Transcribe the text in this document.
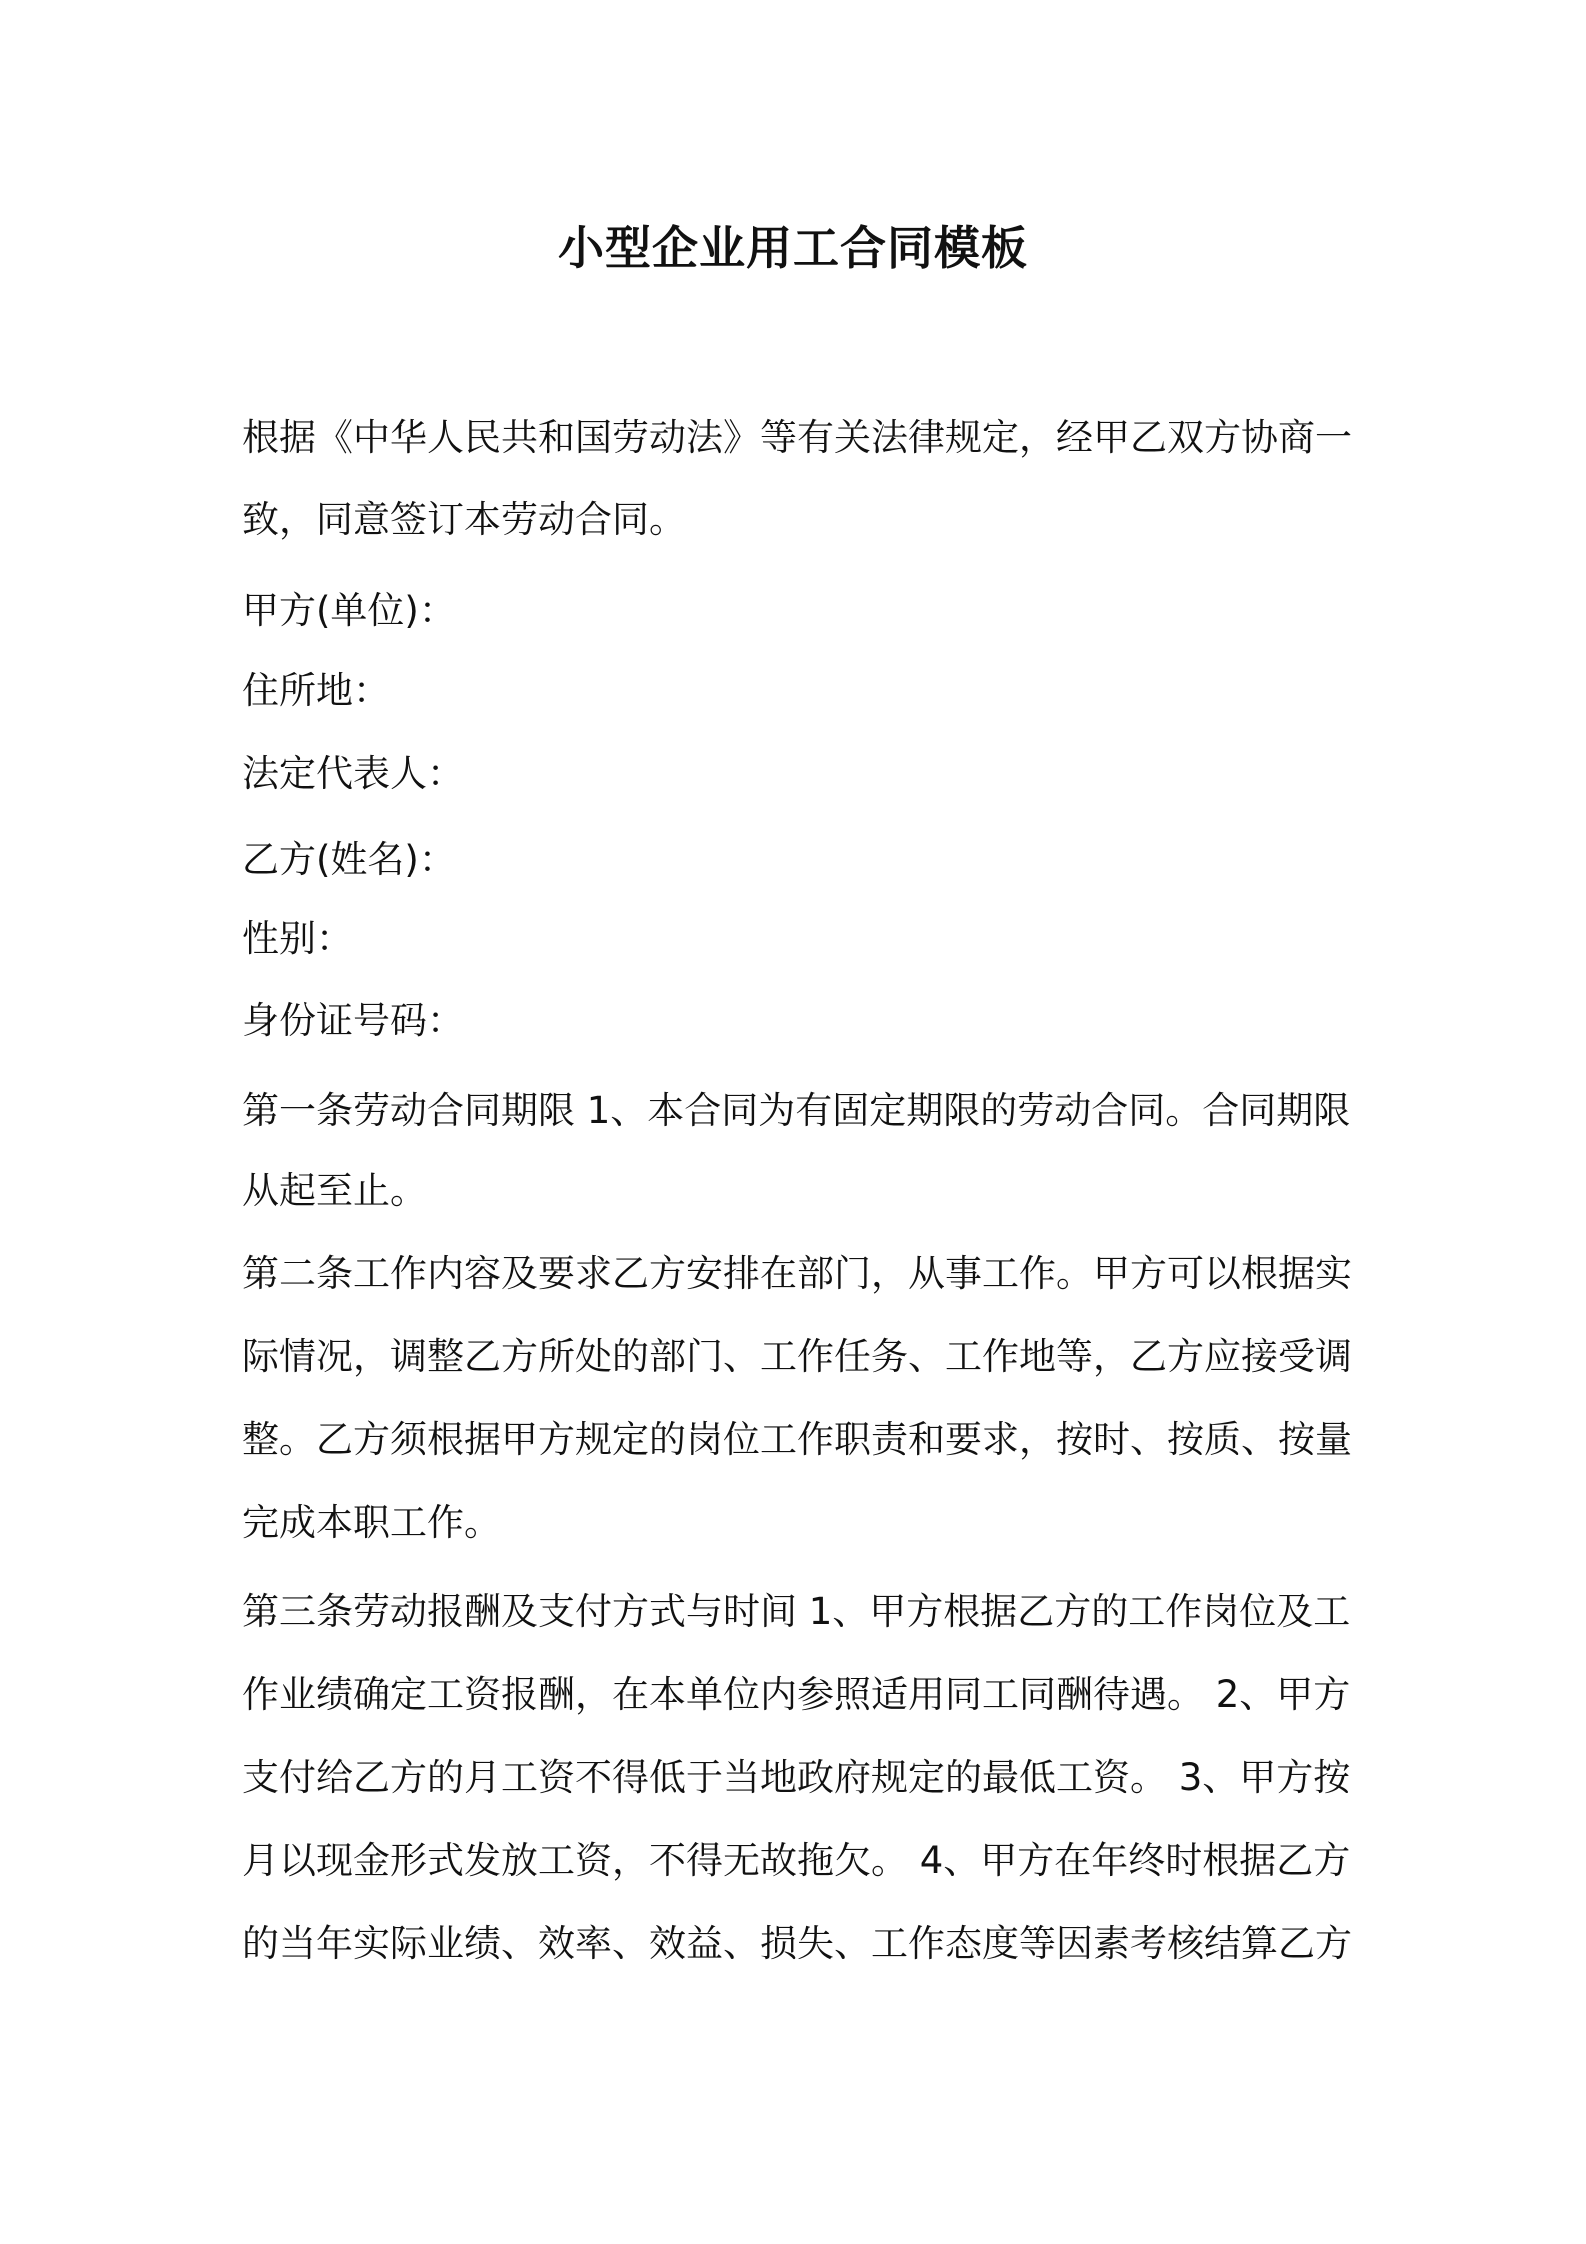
小型企业用工合同模板
根据《中华人民共和国劳动法》等有关法律规定，经甲乙双方协商一
致，同意签订本劳动合同。
甲方(单位)：
住所地：
法定代表人：
乙方(姓名)：
性别：
身份证号码：
第一条劳动合同期限 1、本合同为有固定期限的劳动合同。合同期限
从起至止。
第二条工作内容及要求乙方安排在部门，从事工作。甲方可以根据实
际情况，调整乙方所处的部门、工作任务、工作地等，乙方应接受调
整。乙方须根据甲方规定的岗位工作职责和要求，按时、按质、按量
完成本职工作。
第三条劳动报酬及支付方式与时间 1、甲方根据乙方的工作岗位及工
作业绩确定工资报酬，在本单位内参照适用同工同酬待遇。 2、甲方
支付给乙方的月工资不得低于当地政府规定的最低工资。 3、甲方按
月以现金形式发放工资，不得无故拖欠。 4、甲方在年终时根据乙方
的当年实际业绩、效率、效益、损失、工作态度等因素考核结算乙方
